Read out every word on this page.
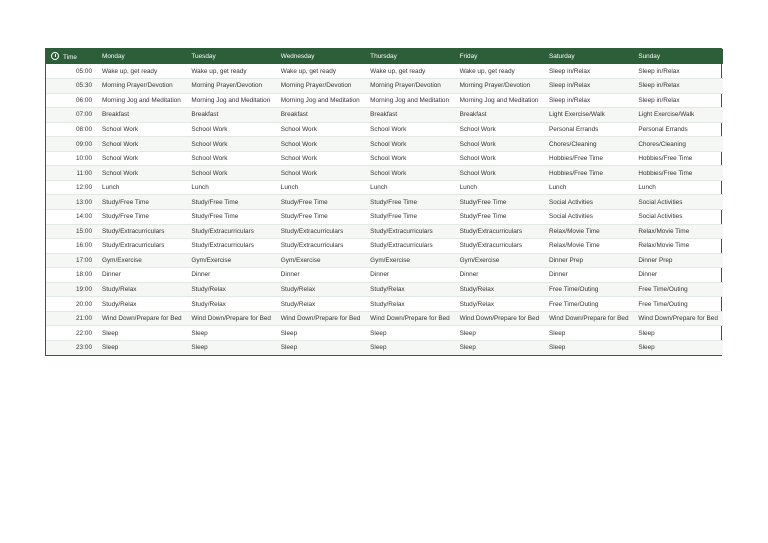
Time	Monday	Tuesday	Wednesday	Thursday	Friday	Saturday	Sunday
05:00	Wake up, get ready	Wake up, get ready	Wake up, get ready	Wake up, get ready	Wake up, get ready	Sleep in/Relax	Sleep in/Relax
05:30	Morning Prayer/Devotion	Morning Prayer/Devotion	Morning Prayer/Devotion	Morning Prayer/Devotion	Morning Prayer/Devotion	Sleep in/Relax	Sleep in/Relax
06:00	Morning Jog and Meditation	Morning Jog and Meditation	Morning Jog and Meditation	Morning Jog and Meditation	Morning Jog and Meditation	Sleep in/Relax	Sleep in/Relax
07:00	Breakfast	Breakfast	Breakfast	Breakfast	Breakfast	Light Exercise/Walk	Light Exercise/Walk
08:00	School Work	School Work	School Work	School Work	School Work	Personal Errands	Personal Errands
09:00	School Work	School Work	School Work	School Work	School Work	Chores/Cleaning	Chores/Cleaning
10:00	School Work	School Work	School Work	School Work	School Work	Hobbies/Free Time	Hobbies/Free Time
11:00	School Work	School Work	School Work	School Work	School Work	Hobbies/Free Time	Hobbies/Free Time
12:00	Lunch	Lunch	Lunch	Lunch	Lunch	Lunch	Lunch
13:00	Study/Free Time	Study/Free Time	Study/Free Time	Study/Free Time	Study/Free Time	Social Activities	Social Activities
14:00	Study/Free Time	Study/Free Time	Study/Free Time	Study/Free Time	Study/Free Time	Social Activities	Social Activities
15:00	Study/Extracurriculars	Study/Extracurriculars	Study/Extracurriculars	Study/Extracurriculars	Study/Extracurriculars	Relax/Movie Time	Relax/Movie Time
16:00	Study/Extracurriculars	Study/Extracurriculars	Study/Extracurriculars	Study/Extracurriculars	Study/Extracurriculars	Relax/Movie Time	Relax/Movie Time
17:00	Gym/Exercise	Gym/Exercise	Gym/Exercise	Gym/Exercise	Gym/Exercise	Dinner Prep	Dinner Prep
18:00	Dinner	Dinner	Dinner	Dinner	Dinner	Dinner	Dinner
19:00	Study/Relax	Study/Relax	Study/Relax	Study/Relax	Study/Relax	Free Time/Outing	Free Time/Outing
20:00	Study/Relax	Study/Relax	Study/Relax	Study/Relax	Study/Relax	Free Time/Outing	Free Time/Outing
21:00	Wind Down/Prepare for Bed	Wind Down/Prepare for Bed	Wind Down/Prepare for Bed	Wind Down/Prepare for Bed	Wind Down/Prepare for Bed	Wind Down/Prepare for Bed	Wind Down/Prepare for Bed
22:00	Sleep	Sleep	Sleep	Sleep	Sleep	Sleep	Sleep
23:00	Sleep	Sleep	Sleep	Sleep	Sleep	Sleep	Sleep
